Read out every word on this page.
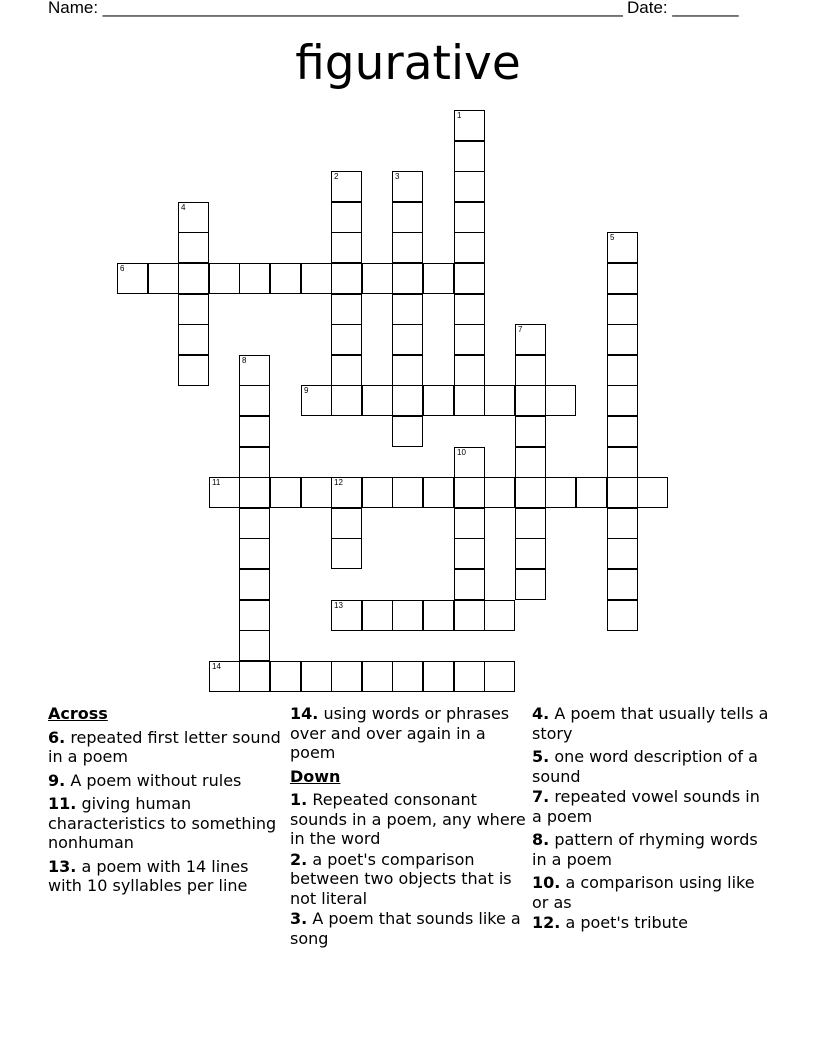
Name: _______________________________________________________ Date: _______
figurative
1
2	3
4
5
6
7
8
9
10
11	12
13
14
Across
6. repeated first letter sound in a poem
9. A poem without rules
11. giving human characteristics to something nonhuman
13. a poem with 14 lines with 10 syllables per line
14. using words or phrases over and over again in a poem
Down
1. Repeated consonant sounds in a poem, any where in the word
2. a poet's comparison between two objects that is not literal
3. A poem that sounds like a song
4. A poem that usually tells a story
5. one word description of a sound
7. repeated vowel sounds in a poem
8. pattern of rhyming words in a poem
10. a comparison using like or as
12. a poet's tribute
